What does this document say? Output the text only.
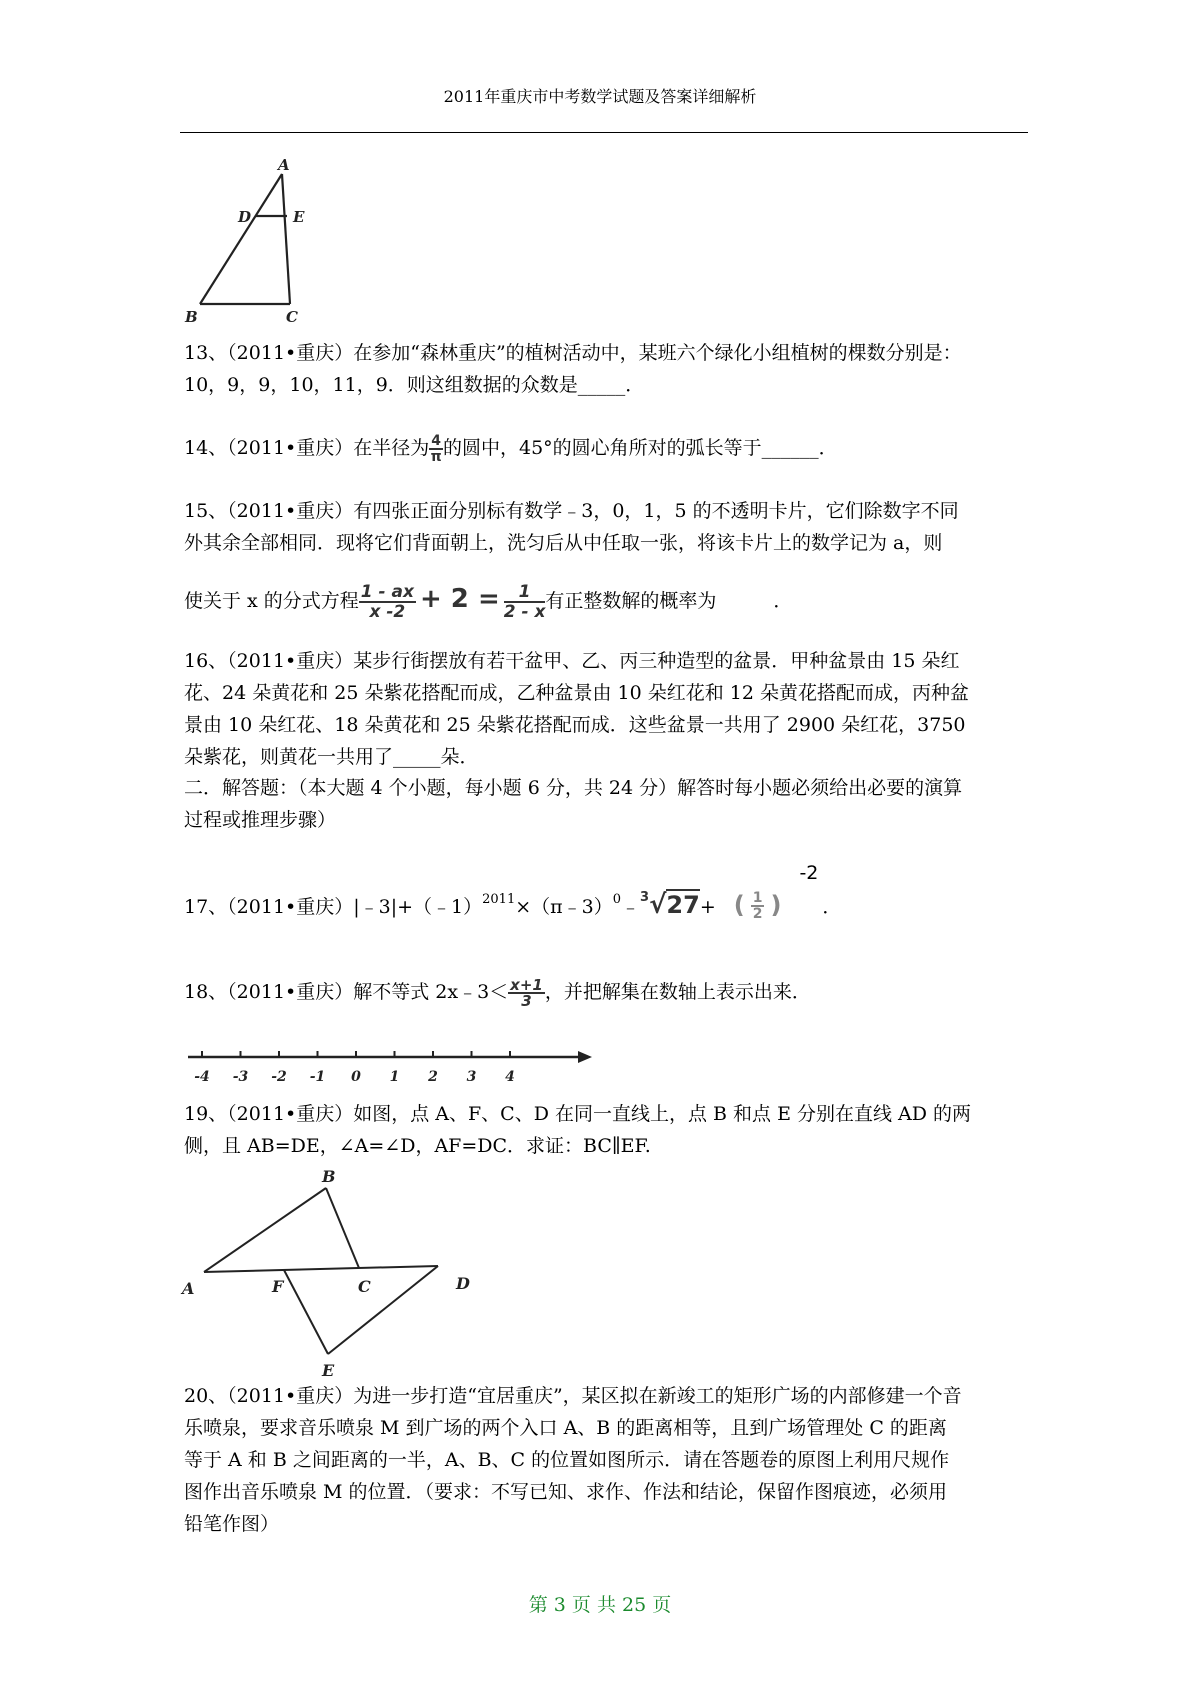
2011年重庆市中考数学试题及答案详细解析
A
D	E
B	C
13、（2011•重庆）在参加“森林重庆”的植树活动中，某班六个绿化小组植树的棵数分别是：
10，9，9，10，11，9．则这组数据的众数是_____．
14、（2011•重庆）在半径为 $\frac{4}{\pi}$ 的圆中，45°的圆心角所对的弧长等于______．
15、（2011•重庆）有四张正面分别标有数学﹣3，0，1，5 的不透明卡片，它们除数字不同
外其余全部相同．现将它们背面朝上，洗匀后从中任取一张，将该卡片上的数学记为 a，则
使关于 x 的分式方程 $\frac{1 - ax}{x -2} + 2 = \frac{1}{2 - x}$ 有正整数解的概率为　　　．
16、（2011•重庆）某步行街摆放有若干盆甲、乙、丙三种造型的盆景．甲种盆景由 15 朵红
花、24 朵黄花和 25 朵紫花搭配而成，乙种盆景由 10 朵红花和 12 朵黄花搭配而成，丙种盆
景由 10 朵红花、18 朵黄花和 25 朵紫花搭配而成．这些盆景一共用了 2900 朵红花，3750
朵紫花，则黄花一共用了_____朵．
二．解答题：（本大题 4 个小题，每小题 6 分，共 24 分）解答时每小题必须给出必要的演算
过程或推理步骤）
17、（2011•重庆）|﹣3|+（﹣1）$^{2011}$×（π﹣3）$^0$﹣$^3$√27+ ( $\frac{1}{2} )-2$．
18、（2011•重庆）解不等式 2x﹣3＜ $\frac{x+1}{3}$ ，并把解集在数轴上表示出来．
-4 -3 -2 -1 0 1 2 3 4
19、（2011•重庆）如图，点 A、F、C、D 在同一直线上，点 B 和点 E 分别在直线 AD 的两
侧，且 AB=DE，∠A=∠D，AF=DC．求证：BC∥EF.
B
A	F	C	D
E
20、（2011•重庆）为进一步打造“宜居重庆”，某区拟在新竣工的矩形广场的内部修建一个音
乐喷泉，要求音乐喷泉 M 到广场的两个入口 A、B 的距离相等，且到广场管理处 C 的距离
等于 A 和 B 之间距离的一半，A、B、C 的位置如图所示．请在答题卷的原图上利用尺规作
图作出音乐喷泉 M 的位置．（要求：不写已知、求作、作法和结论，保留作图痕迹，必须用
铅笔作图）
第 3 页 共 25 页
